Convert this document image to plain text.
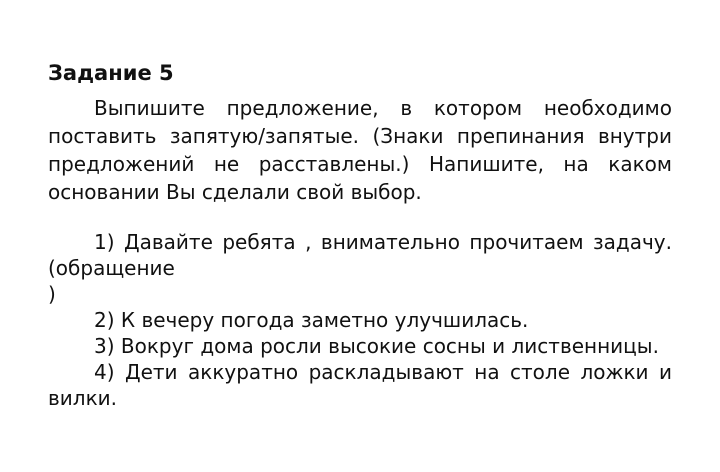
Задание 5

Выпишите предложение, в котором необходимо поставить запятую/запятые. (Знаки препинания внутри предложений не расставлены.) Напишите, на каком основании Вы сделали свой выбор.

1) Давайте ребята , внимательно прочитаем задачу.(обращение
)

2) К вечеру погода заметно улучшилась.

3) Вокруг дома росли высокие сосны и лиственницы.

4) Дети аккуратно раскладывают на столе ложки и вилки.
